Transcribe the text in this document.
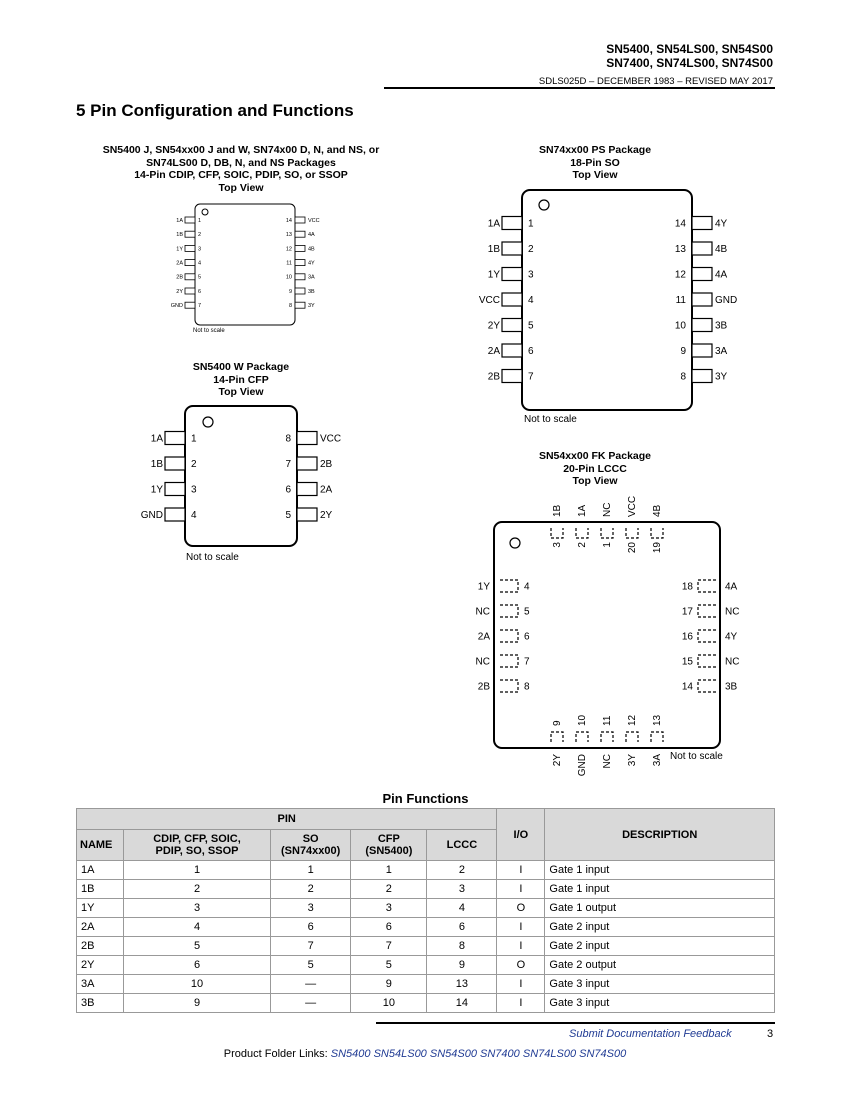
SN5400, SN54LS00, SN54S00
SN7400, SN74LS00, SN74S00
SDLS025D – DECEMBER 1983 – REVISED MAY 2017
5 Pin Configuration and Functions
SN5400 J, SN54xx00 J and W, SN74x00 D, N, and NS, or
SN74LS00 D, DB, N, and NS Packages
14-Pin CDIP, CFP, SOIC, PDIP, SO, or SSOP
Top View
1A	1
1B	2
1Y	3
2A	4
2B	5
2Y	6
GND	7
VCC
14
4A
13
4B
12
4Y
11
3A
10
3B
9
3Y
8
Not to scale
SN74xx00 PS Package
18-Pin SO
Top View
1A	1
1B	2
1Y	3
VCC	4
2Y	5
2A	6
2B	7
4Y
14
4B
13
4A
12
GND
11
3B
10
3A
9
3Y
8
Not to scale
SN5400 W Package
14-Pin CFP
Top View
1A	1
1B	2
1Y	3
GND	4
VCC
8
2B
7
2A
6
2Y
5
Not to scale
SN54xx00 FK Package
20-Pin LCCC
Top View
1B
3
1A
2
NC
1
VCC
20
4B
19
1Y	4
NC	5
2A	6
NC	7
2B	8
18	4A
17	NC
16	4Y
15	NC
14	3B
9
2Y
10
GND
11
NC
12
3Y
13
3A Not to scale
Pin Functions
PIN					I/O	DESCRIPTION
NAME	CDIP, CFP, SOIC, PDIP, SO, SSOP	SO (SN74xx00)	CFP (SN5400)	LCCC		
1A	1	1	1	2	I	Gate 1 input
1B	2	2	2	3	I	Gate 1 input
1Y	3	3	3	4	O	Gate 1 output
2A	4	6	6	6	I	Gate 2 input
2B	5	7	7	8	I	Gate 2 input
2Y	6	5	5	9	O	Gate 2 output
3A	10	—	9	13	I	Gate 3 input
3B	9	—	10	14	I	Gate 3 input
Submit Documentation Feedback	3
Product Folder Links: SN5400 SN54LS00 SN54S00 SN7400 SN74LS00 SN74S00
